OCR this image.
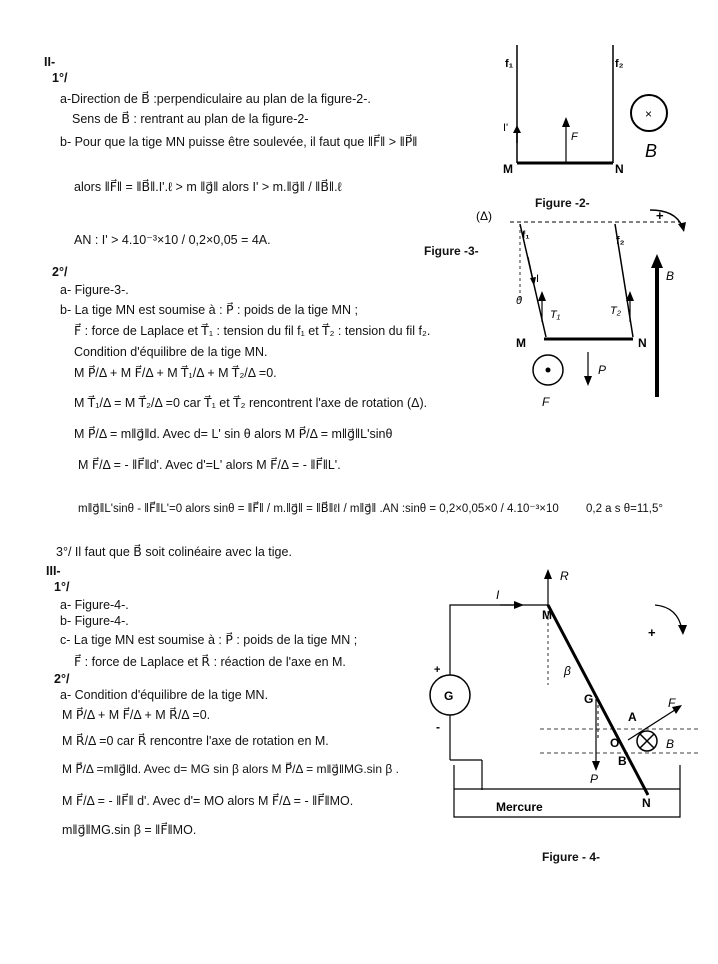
II-
1°/
a-Direction de B⃗ :perpendiculaire au plan de la figure-2-.
Sens de B⃗ : rentrant au plan de la figure-2-
b- Pour que la tige MN puisse être soulevée, il faut que ‖F⃗‖ > ‖P⃗‖
alors ‖F⃗‖ = ‖B⃗‖.I'.ℓ > m ‖g⃗‖ alors I' > m.‖g⃗‖ / ‖B⃗‖.ℓ
AN : I' > 4.10⁻³×10 / 0,2×0,05 = 4A.
2°/
a- Figure-3-.
b- La tige MN est soumise à : P⃗ : poids de la tige MN ;
F⃗ : force de Laplace et T⃗₁ : tension du fil f₁ et T⃗₂ : tension du fil f₂.
Condition d'équilibre de la tige MN.
M P⃗/Δ + M F⃗/Δ + M T⃗₁/Δ + M T⃗₂/Δ =0.
M T⃗₁/Δ = M T⃗₂/Δ =0 car T⃗₁ et T⃗₂ rencontrent l'axe de rotation (Δ).
M P⃗/Δ = m‖g⃗‖d. Avec d= L' sin θ alors M P⃗/Δ = m‖g⃗‖L'sinθ
M F⃗/Δ = - ‖F⃗‖d'. Avec d'=L' alors M F⃗/Δ = - ‖F⃗‖L'.
m‖g⃗‖L'sinθ - ‖F⃗‖L'=0 alors sinθ = ‖F⃗‖ / m.‖g⃗‖ = ‖B⃗‖ℓI / m‖g⃗‖ .AN :sinθ = 0,2×0,05×0 / 4.10⁻³×10 0,2 a s θ=11,5°
3°/ Il faut que B⃗ soit colinéaire avec la tige.
III-
1°/
a- Figure-4-.
b- Figure-4-.
c- La tige MN est soumise à : P⃗ : poids de la tige MN ;
F⃗ : force de Laplace et R⃗ : réaction de l'axe en M.
2°/
a- Condition d'équilibre de la tige MN.
M P⃗/Δ + M F⃗/Δ + M R⃗/Δ =0.
M R⃗/Δ =0 car R⃗ rencontre l'axe de rotation en M.
M P⃗/Δ =m‖g⃗‖d. Avec d= MG sin β alors M P⃗/Δ = m‖g⃗‖MG.sin β .
M F⃗/Δ = - ‖F⃗‖ d'. Avec d'= MO alors M F⃗/Δ = - ‖F⃗‖MO.
m‖g⃗‖MG.sin β = ‖F⃗‖MO.
f₁	f₂
I'
F
M	N
×
B
Figure -2-
Figure -3-
(Δ)	+
f₁	f₂
I
θ
T₁	T₂
M	N
P
F
B
R
I
M
+
β
G
G
+
-
F
A
O
B
B
P
N
Mercure
Figure - 4-
